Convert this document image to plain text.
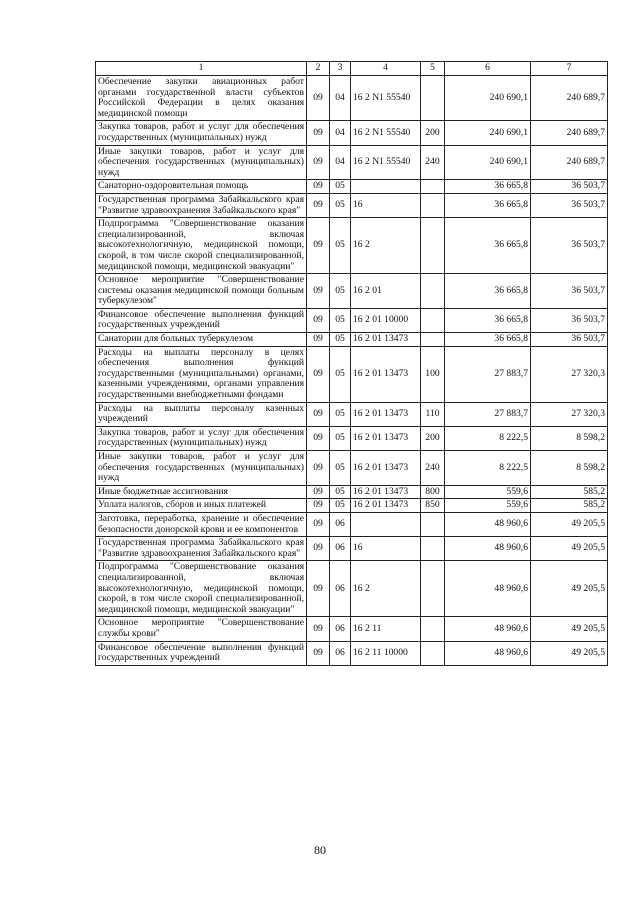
1	2	3	4	5	6	7
Обеспечение закупки авиационных работ органами государственной власти субъектов Российской Федерации в целях оказания медицинской помощи	09	04	16 2 N1 55540		240 690,1	240 689,7
Закупка товаров, работ и услуг для обеспечения государственных (муниципальных) нужд	09	04	16 2 N1 55540	200	240 690,1	240 689,7
Иные закупки товаров, работ и услуг для обеспечения государственных (муниципальных) нужд	09	04	16 2 N1 55540	240	240 690,1	240 689,7
Санаторно-оздоровительная помощь	09	05			36 665,8	36 503,7
Государственная программа Забайкальского края "Развитие здравоохранения Забайкальского края"	09	05	16		36 665,8	36 503,7
Подпрограмма "Совершенствование оказания специализированной, включая высокотехнологичную, медицинской помощи, скорой, в том числе скорой специализированной, медицинской помощи, медицинской эвакуации"	09	05	16 2		36 665,8	36 503,7
Основное мероприятие "Совершенствование системы оказания медицинской помощи больным туберкулезом"	09	05	16 2 01		36 665,8	36 503,7
Финансовое обеспечение выполнения функций государственных учреждений	09	05	16 2 01 10000		36 665,8	36 503,7
Санатории для больных туберкулезом	09	05	16 2 01 13473		36 665,8	36 503,7
Расходы на выплаты персоналу в целях обеспечения выполнения функций государственными (муниципальными) органами, казенными учреждениями, органами управления государственными внебюджетными фондами	09	05	16 2 01 13473	100	27 883,7	27 320,3
Расходы на выплаты персоналу казенных учреждений	09	05	16 2 01 13473	110	27 883,7	27 320,3
Закупка товаров, работ и услуг для обеспечения государственных (муниципальных) нужд	09	05	16 2 01 13473	200	8 222,5	8 598,2
Иные закупки товаров, работ и услуг для обеспечения государственных (муниципальных) нужд	09	05	16 2 01 13473	240	8 222,5	8 598,2
Иные бюджетные ассигнования	09	05	16 2 01 13473	800	559,6	585,2
Уплата налогов, сборов и иных платежей	09	05	16 2 01 13473	850	559,6	585,2
Заготовка, переработка, хранение и обеспечение безопасности донорской крови и ее компонентов	09	06			48 960,6	49 205,5
Государственная программа Забайкальского края "Развитие здравоохранения Забайкальского края"	09	06	16		48 960,6	49 205,5
Подпрограмма "Совершенствование оказания специализированной, включая высокотехнологичную, медицинской помощи, скорой, в том числе скорой специализированной, медицинской помощи, медицинской эвакуации"	09	06	16 2		48 960,6	49 205,5
Основное мероприятие "Совершенствование службы крови"	09	06	16 2 11		48 960,6	49 205,5
Финансовое обеспечение выполнения функций государственных учреждений	09	06	16 2 11 10000		48 960,6	49 205,5
80
